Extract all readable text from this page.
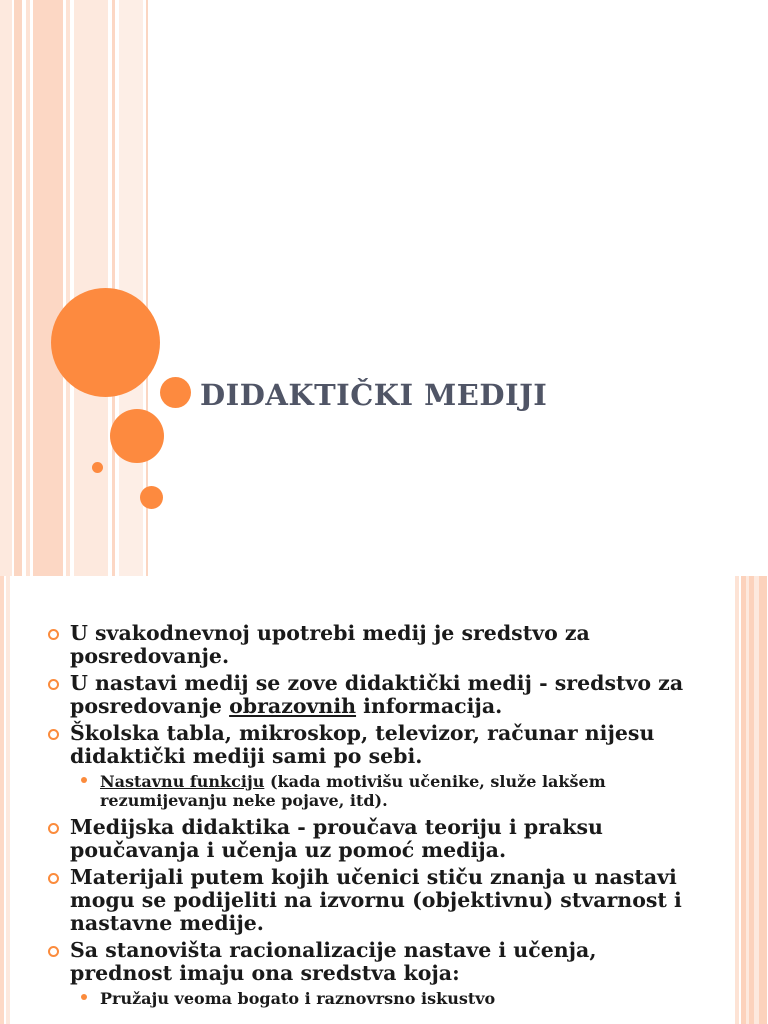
DIDAKTIČKI MEDIJI
U svakodnevnoj upotrebi medij je sredstvo za posredovanje.
U nastavi medij se zove didaktički medij - sredstvo za posredovanje obrazovnih informacija.
Školska tabla, mikroskop, televizor, računar nijesu didaktički mediji sami po sebi.
Nastavnu funkciju (kada motivišu učenike, služe lakšem rezumijevanju neke pojave, itd).
Medijska didaktika - proučava teoriju i praksu poučavanja i učenja uz pomoć medija.
Materijali putem kojih učenici stiču znanja u nastavi mogu se podijeliti na izvornu (objektivnu) stvarnost i nastavne medije.
Sa stanovišta racionalizacije nastave i učenja, prednost imaju ona sredstva koja:
Pružaju veoma bogato i raznovrsno iskustvo
